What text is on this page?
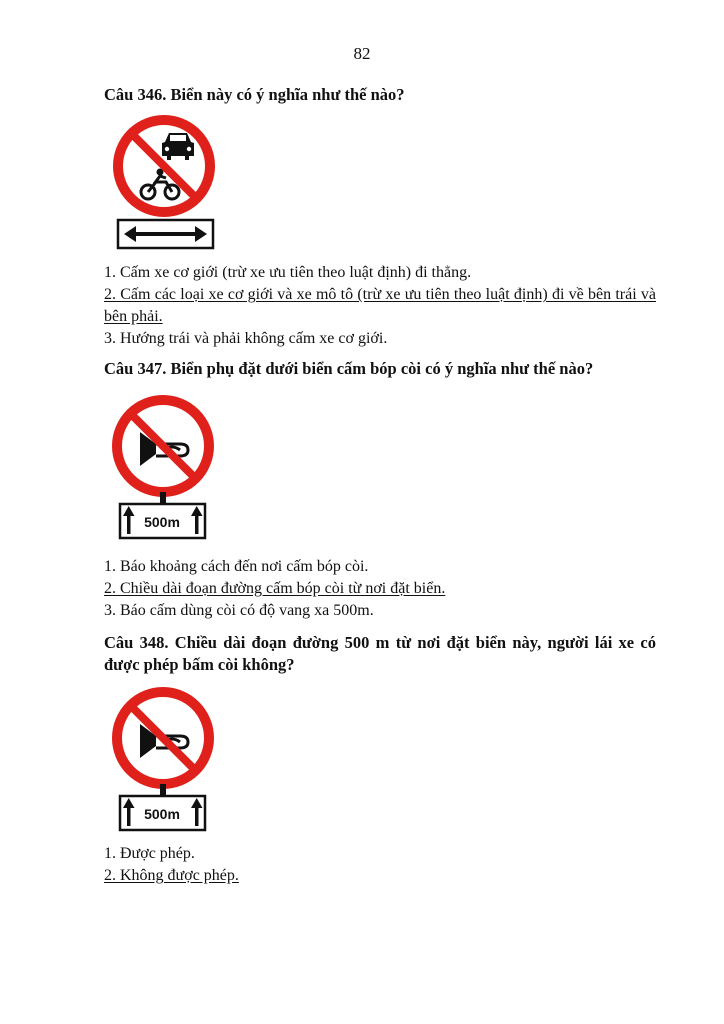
82
Câu 346. Biển này có ý nghĩa như thế nào?
1. Cấm xe cơ giới (trừ xe ưu tiên theo luật định) đi thẳng.
2. Cấm các loại xe cơ giới và xe mô tô (trừ xe ưu tiên theo luật định) đi về bên trái và bên phải.
3. Hướng trái và phải không cấm xe cơ giới.
Câu 347. Biển phụ đặt dưới biển cấm bóp còi có ý nghĩa như thế nào?
500m
1. Báo khoảng cách đến nơi cấm bóp còi.
2. Chiều dài đoạn đường cấm bóp còi từ nơi đặt biển.
3. Báo cấm dùng còi có độ vang xa 500m.
Câu 348. Chiều dài đoạn đường 500 m từ nơi đặt biển này, người lái xe có được phép bấm còi không?
500m
1. Được phép.
2. Không được phép.
